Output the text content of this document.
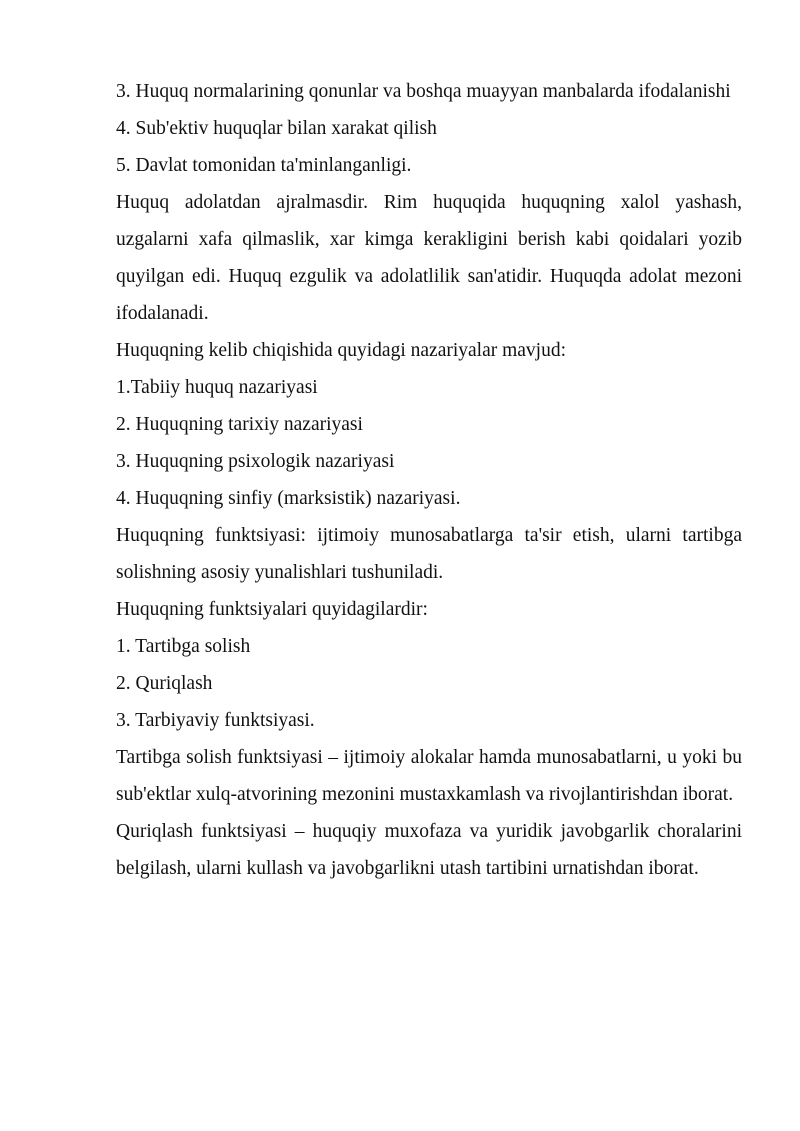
3. Huquq normalarining qonunlar va boshqa muayyan manbalarda ifodalanishi

4. Sub'ektiv huquqlar bilan xarakat qilish

5. Davlat tomonidan ta'minlanganligi.

Huquq adolatdan ajralmasdir. Rim huquqida huquqning xalol yashash, uzgalarni xafa qilmaslik, xar kimga kerakligini berish kabi qoidalari yozib quyilgan edi. Huquq ezgulik va adolatlilik san'atidir. Huquqda adolat mezoni ifodalanadi.

Huquqning kelib chiqishida quyidagi nazariyalar mavjud:

1.Tabiiy huquq nazariyasi

2. Huquqning tarixiy nazariyasi

3. Huquqning psixologik nazariyasi

4. Huquqning sinfiy (marksistik) nazariyasi.

Huquqning funktsiyasi: ijtimoiy munosabatlarga ta'sir etish, ularni tartibga solishning asosiy yunalishlari tushuniladi.

Huquqning funktsiyalari quyidagilardir:

1. Tartibga solish

2. Quriqlash

3. Tarbiyaviy funktsiyasi.

Tartibga solish funktsiyasi – ijtimoiy alokalar hamda munosabatlarni, u yoki bu sub'ektlar xulq-atvorining mezonini mustaxkamlash va rivojlantirishdan iborat.

Quriqlash funktsiyasi – huquqiy muxofaza va yuridik javobgarlik choralarini belgilash, ularni kullash va javobgarlikni utash tartibini urnatishdan iborat.
